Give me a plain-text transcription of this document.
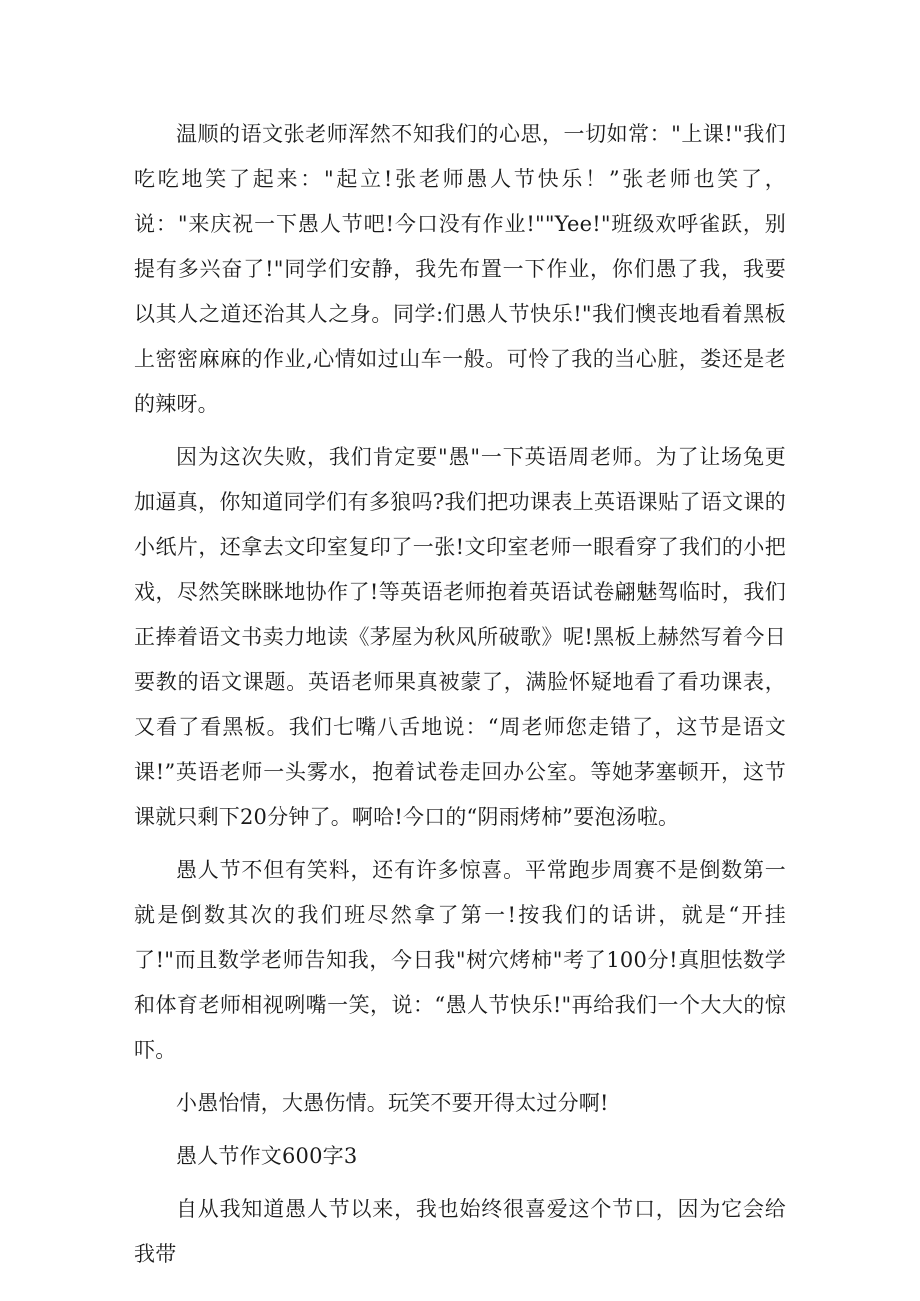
温顺的语文张老师浑然不知我们的心思，一切如常："上课!"我们吃吃地笑了起来："起立!张老师愚人节快乐！”张老师也笑了，说："来庆祝一下愚人节吧!今口没有作业!""Yee!"班级欢呼雀跃，别提有多兴奋了!"同学们安静，我先布置一下作业，你们愚了我，我要以其人之道还治其人之身。同学:们愚人节快乐!"我们懊丧地看着黑板上密密麻麻的作业,心情如过山车一般。可怜了我的当心脏，娄还是老的辣呀。

因为这次失败，我们肯定要"愚"一下英语周老师。为了让场兔更加逼真，你知道同学们有多狼吗?我们把功课表上英语课贴了语文课的小纸片，还拿去文印室复印了一张!文印室老师一眼看穿了我们的小把戏，尽然笑眯眯地协作了!等英语老师抱着英语试卷翩魅驾临时，我们正捧着语文书卖力地读《茅屋为秋风所破歌》呢!黑板上赫然写着今日要教的语文课题。英语老师果真被蒙了，满脸怀疑地看了看功课表，又看了看黑板。我们七嘴八舌地说：“周老师您走错了，这节是语文课!”英语老师一头雾水，抱着试卷走回办公室。等她茅塞顿开，这节课就只剩下20分钟了。啊哈!今口的“阴雨烤柿”要泡汤啦。

愚人节不但有笑料，还有许多惊喜。平常跑步周赛不是倒数第一就是倒数其次的我们班尽然拿了第一!按我们的话讲，就是“开挂了!"而且数学老师告知我，今日我"树穴烤柿"考了100分!真胆怯数学和体育老师相视咧嘴一笑，说：“愚人节快乐!"再给我们一个大大的惊吓。

小愚怡情，大愚伤情。玩笑不要开得太过分啊!

愚人节作文600字3

自从我知道愚人节以来，我也始终很喜爱这个节口，因为它会给我带
